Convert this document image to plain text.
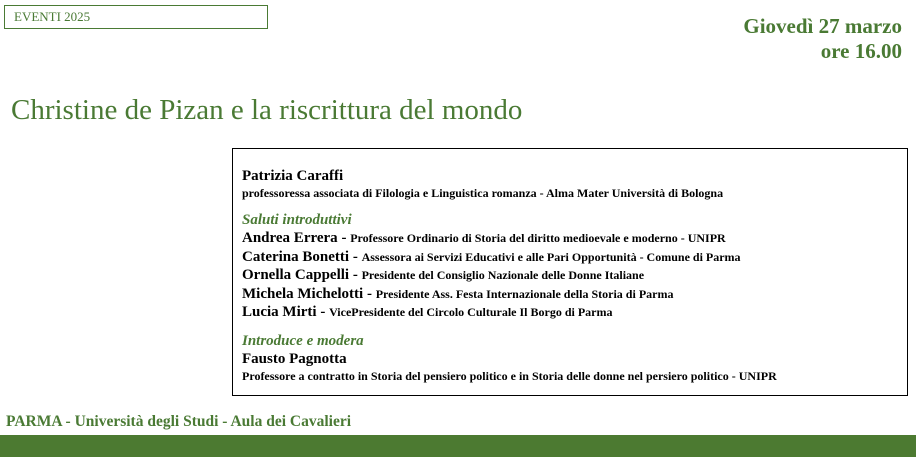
EVENTI 2025	Giovedì 27 marzo
ore 16.00
Christine de Pizan e la riscrittura del mondo
Patrizia Caraffi
professoressa associata di Filologia e Linguistica romanza - Alma Mater Università di Bologna
Saluti introduttivi
Andrea Errera - Professore Ordinario di Storia del diritto medioevale e moderno - UNIPR
Caterina Bonetti - Assessora ai Servizi Educativi e alle Pari Opportunità - Comune di Parma
Ornella Cappelli - Presidente del Consiglio Nazionale delle Donne Italiane
Michela Michelotti - Presidente Ass. Festa Internazionale della Storia di Parma
Lucia Mirti - VicePresidente del Circolo Culturale Il Borgo di Parma
Introduce e modera
Fausto Pagnotta
Professore a contratto in Storia del pensiero politico e in Storia delle donne nel persiero politico - UNIPR
PARMA - Università degli Studi - Aula dei Cavalieri
